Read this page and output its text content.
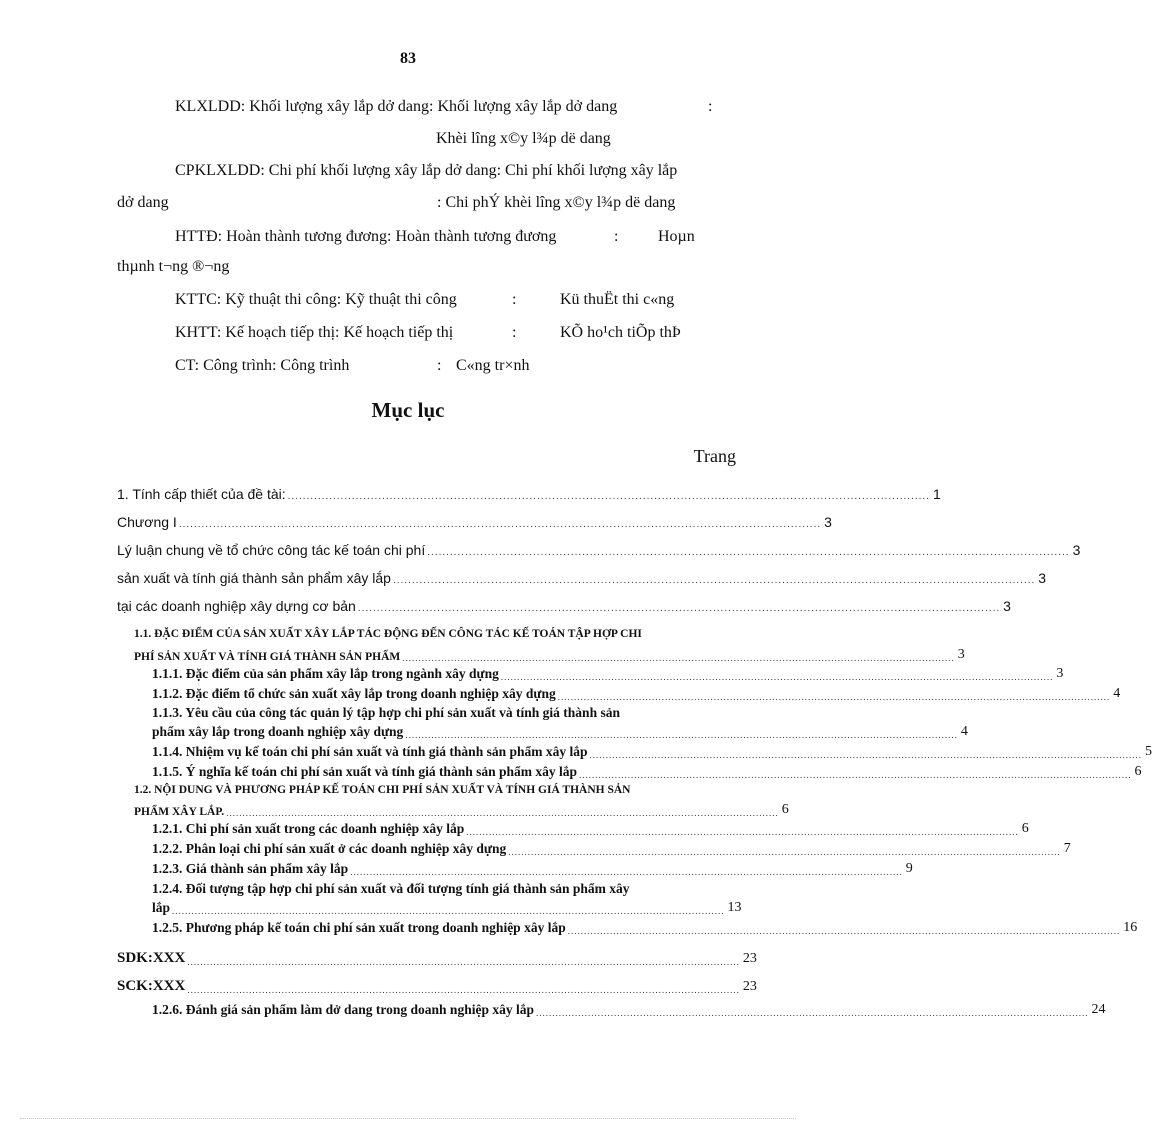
83
KLXLDD: Khối lượng xây lắp dở dang: Khối lượng xây lắp dở dang	:
Khèi lîng x©y l¾p dë dang
CPKLXLDD: Chi phí khối lượng xây lắp dở dang: Chi phí khối lượng xây lắp
dở dang	: Chi phÝ khèi lîng x©y l¾p dë dang
HTTĐ: Hoàn thành tương đương: Hoàn thành tương đương	: Hoµn
thµnh t¬ng ®¬ng
KTTC: Kỹ thuật thi công: Kỹ thuật thi công	:	Kü thuËt thi c«ng
KHTT: Kế hoạch tiếp thị: Kế hoạch tiếp thị	:	KÕ ho¹ch tiÕp thÞ
CT: Công trình: Công trình	: C«ng tr×nh
Mục lục
Trang
1. Tính cấp thiết của đề tài: .......................................................................................................................................................................... 1
Chương I .......................................................................................................................................................................... 3
Lý luận chung về tổ chức công tác kế toán chi phí .......................................................................................................................................................................... 3
sản xuất và tính giá thành sản phẩm xây lắp .......................................................................................................................................................................... 3
tại các doanh nghiệp xây dựng cơ bản .......................................................................................................................................................................... 3
1.1. ĐẶC ĐIỂM CỦA SẢN XUẤT XÂY LẮP TÁC ĐỘNG ĐẾN CÔNG TÁC KẾ TOÁN TẬP HỢP CHI
PHÍ SẢN XUẤT VÀ TÍNH GIÁ THÀNH SẢN PHẨM .......................................................................................................................................................................... 3
1.1.1. Đặc điểm của sản phẩm xây lắp trong ngành xây dựng .......................................................................................................................................................................... 3
1.1.2. Đặc điểm tổ chức sản xuất xây lắp trong doanh nghiệp xây dựng .......................................................................................................................................................................... 4
1.1.3. Yêu cầu của công tác quản lý tập hợp chi phí sản xuất và tính giá thành sản
phẩm xây lắp trong doanh nghiệp xây dựng .......................................................................................................................................................................... 4
1.1.4. Nhiệm vụ kế toán chi phí sản xuất và tính giá thành sản phẩm xây lắp .......................................................................................................................................................................... 5
1.1.5. Ý nghĩa kế toán chi phí sản xuất và tính giá thành sản phẩm xây lắp .......................................................................................................................................................................... 6
1.2. NỘI DUNG VÀ PHƯƠNG PHÁP KẾ TOÁN CHI PHÍ SẢN XUẤT VÀ TÍNH GIÁ THÀNH SẢN
PHẨM XÂY LẮP. .......................................................................................................................................................................... 6
1.2.1. Chi phí sản xuất trong các doanh nghiệp xây lắp .......................................................................................................................................................................... 6
1.2.2. Phân loại chi phí sản xuất ở các doanh nghiệp xây dựng .......................................................................................................................................................................... 7
1.2.3. Giá thành sản phẩm xây lắp .......................................................................................................................................................................... 9
1.2.4. Đối tượng tập hợp chi phí sản xuất và đối tượng tính giá thành sản phẩm xây
lắp .......................................................................................................................................................................... 13
1.2.5. Phương pháp kế toán chi phí sản xuất trong doanh nghiệp xây lắp .......................................................................................................................................................................... 16
SDK:XXX .......................................................................................................................................................................... 23
SCK:XXX .......................................................................................................................................................................... 23
1.2.6. Đánh giá sản phẩm làm dở dang trong doanh nghiệp xây lắp .......................................................................................................................................................................... 24
